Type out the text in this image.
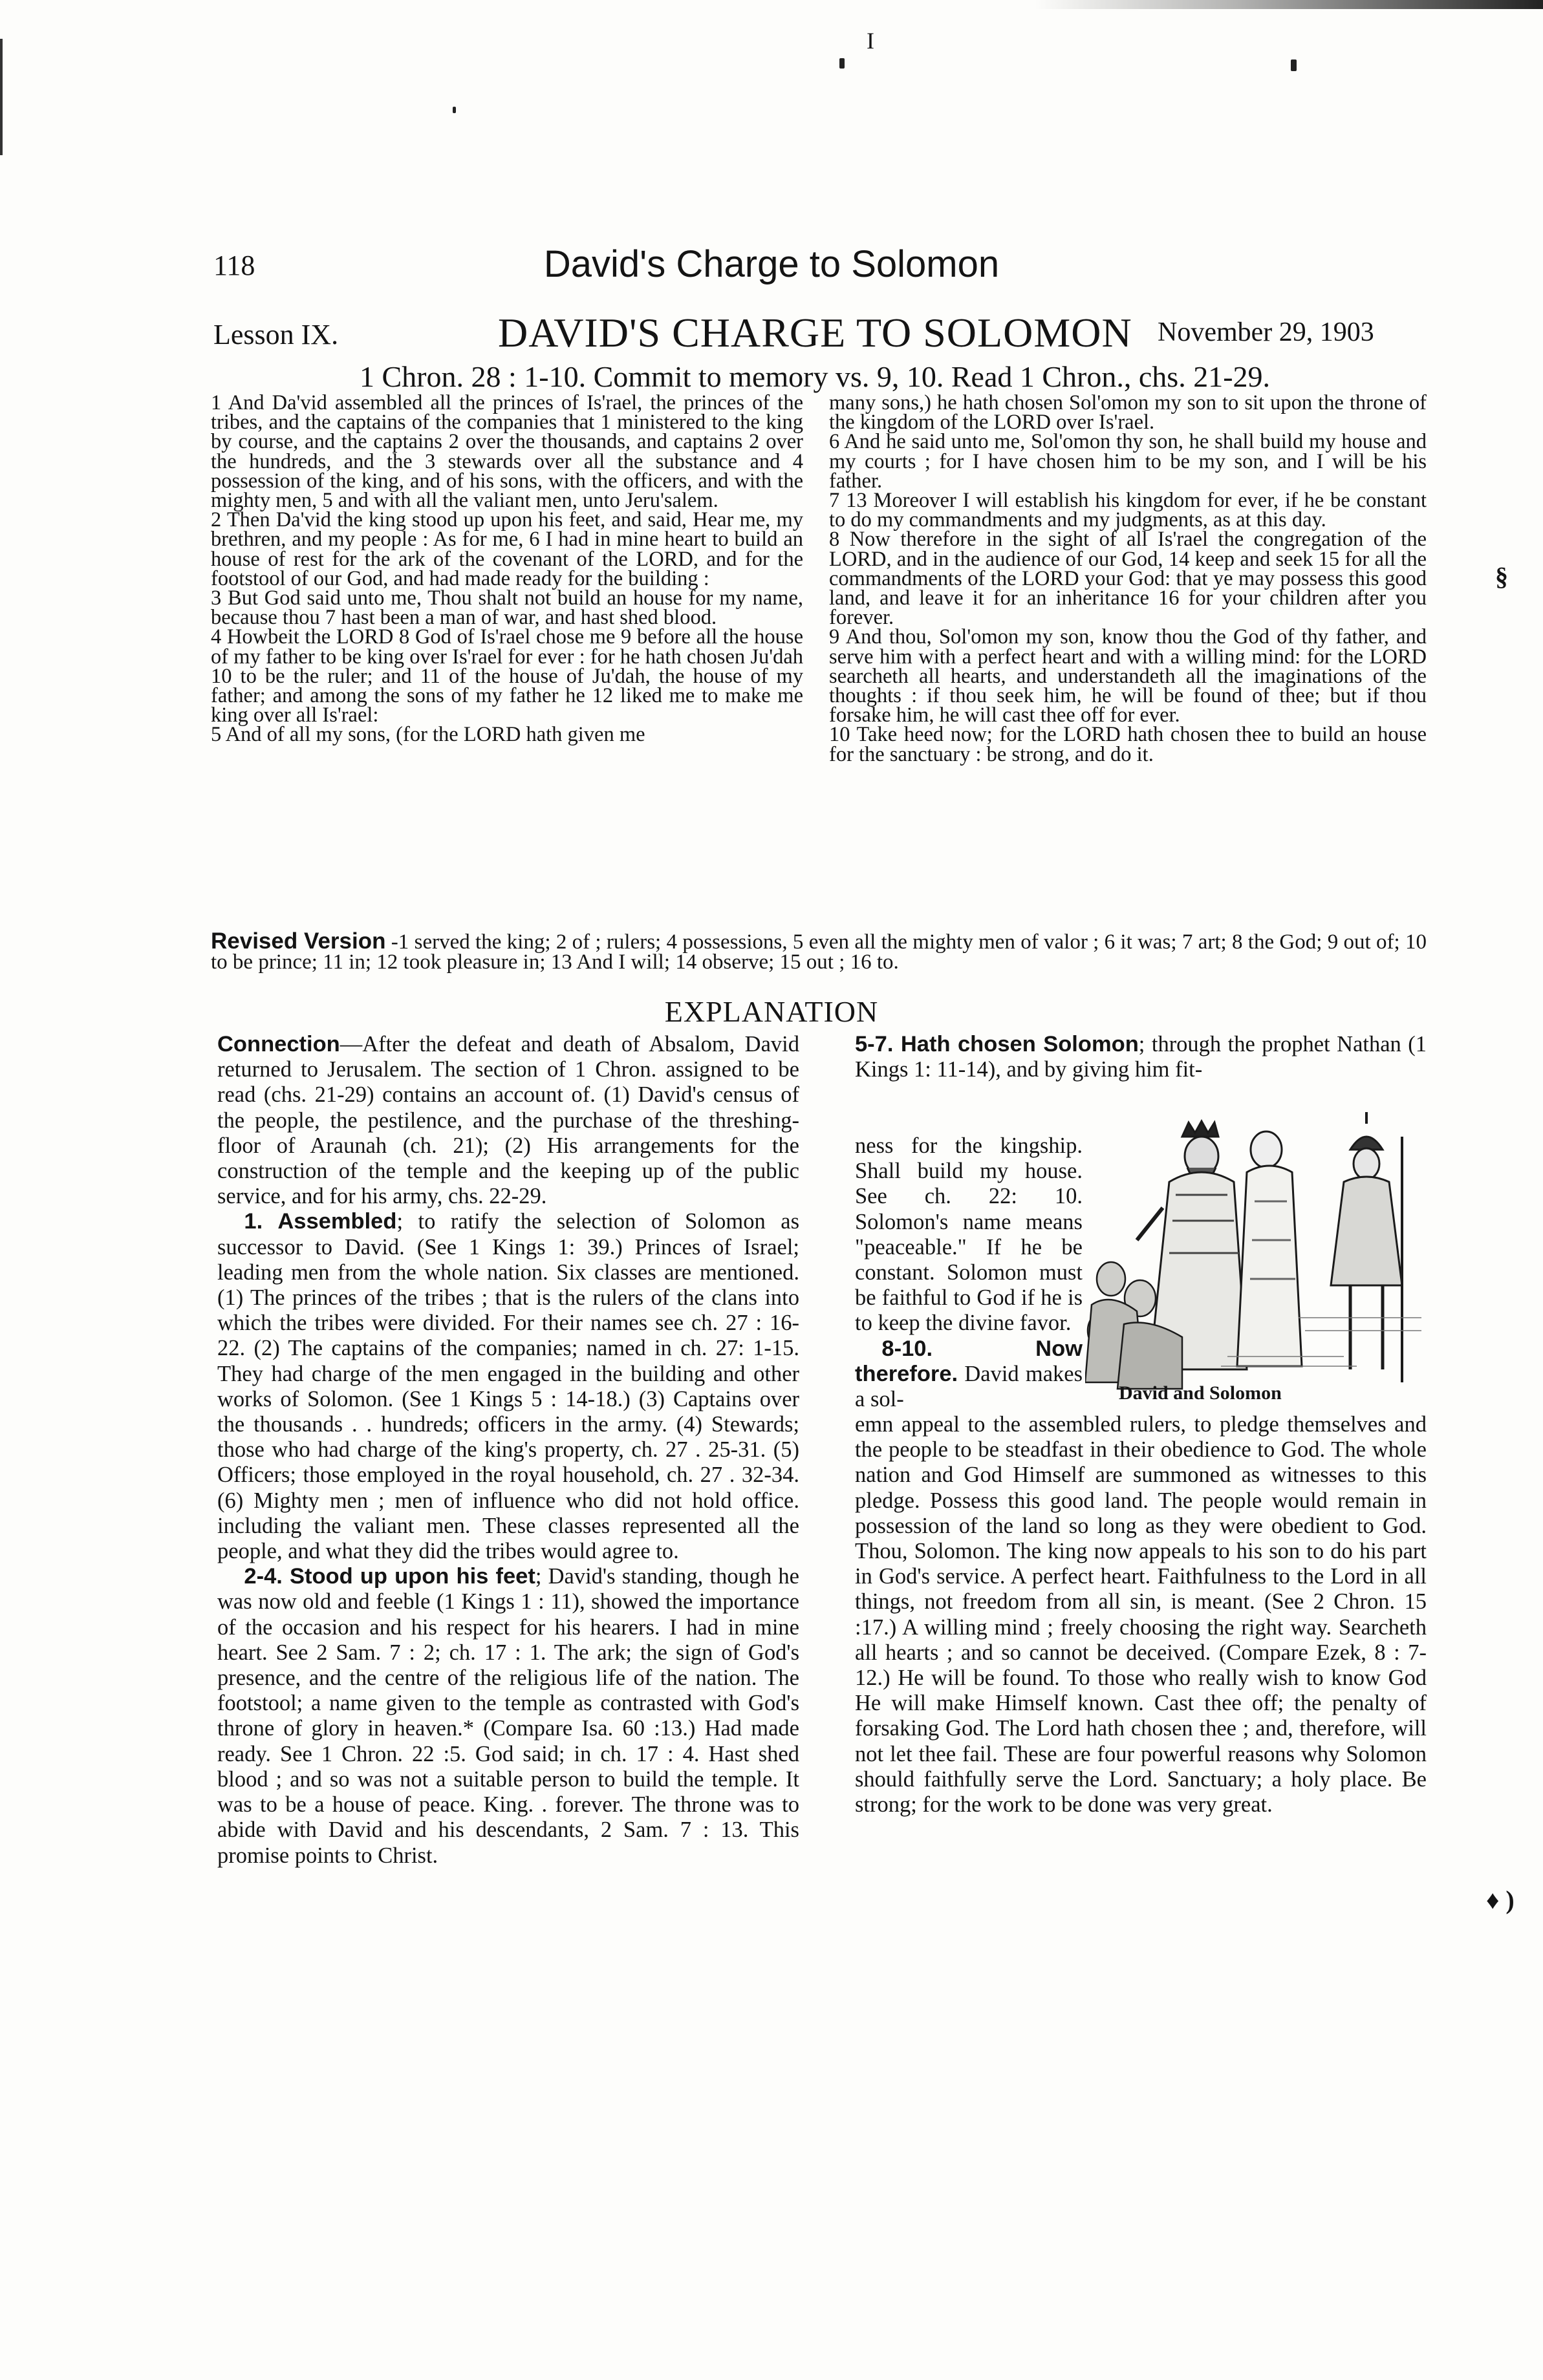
I
118	David's Charge to Solomon
Lesson IX.	DAVID'S CHARGE TO SOLOMON November 29, 1903
1 Chron. 28 : 1-10. Commit to memory vs. 9, 10. Read 1 Chron., chs. 21-29.

1 And Da'vid assembled all the princes of Is'rael, the princes of the tribes, and the captains of the companies that 1 ministered to the king by course, and the captains 2 over the thousands, and captains 2 over the hundreds, and the 3 stewards over all the substance and 4 possession of the king, and of his sons, with the officers, and with the mighty men, 5 and with all the valiant men, unto Jeru'salem.

2 Then Da'vid the king stood up upon his feet, and said, Hear me, my brethren, and my people : As for me, 6 I had in mine heart to build an house of rest for the ark of the covenant of the LORD, and for the footstool of our God, and had made ready for the building :

3 But God said unto me, Thou shalt not build an house for my name, because thou 7 hast been a man of war, and hast shed blood.

4 Howbeit the LORD 8 God of Is'rael chose me 9 before all the house of my father to be king over Is'rael for ever : for he hath chosen Ju'dah 10 to be the ruler; and 11 of the house of Ju'dah, the house of my father; and among the sons of my father he 12 liked me to make me king over all Is'rael:

5 And of all my sons, (for the LORD hath given me

many sons,) he hath chosen Sol'omon my son to sit upon the throne of the kingdom of the LORD over Is'rael.

6 And he said unto me, Sol'omon thy son, he shall build my house and my courts ; for I have chosen him to be my son, and I will be his father.

7 13 Moreover I will establish his kingdom for ever, if he be constant to do my commandments and my judgments, as at this day.

8 Now therefore in the sight of all Is'rael the congregation of the LORD, and in the audience of our God, 14 keep and seek 15 for all the commandments of the LORD your God: that ye may possess this good land, and leave it for an inheritance 16 for your children after you forever.

9 And thou, Sol'omon my son, know thou the God of thy father, and serve him with a perfect heart and with a willing mind: for the LORD searcheth all hearts, and understandeth all the imaginations of the thoughts : if thou seek him, he will be found of thee; but if thou forsake him, he will cast thee off for ever.

10 Take heed now; for the LORD hath chosen thee to build an house for the sanctuary : be strong, and do it.

§
Revised Version -1 served the king; 2 of ; rulers; 4 possessions, 5 even all the mighty men of valor ; 6 it was; 7 art; 8 the God; 9 out of; 10 to be prince; 11 in; 12 took pleasure in; 13 And I will; 14 observe; 15 out ; 16 to.
EXPLANATION

Connection—After the defeat and death of Absalom, David returned to Jerusalem. The section of 1 Chron. assigned to be read (chs. 21-29) contains an account of. (1) David's census of the people, the pestilence, and the purchase of the threshing-floor of Araunah (ch. 21); (2) His arrangements for the construction of the temple and the keeping up of the public service, and for his army, chs. 22-29.

1. Assembled; to ratify the selection of Solomon as successor to David. (See 1 Kings 1: 39.) Princes of Israel; leading men from the whole nation. Six classes are mentioned. (1) The princes of the tribes ; that is the rulers of the clans into which the tribes were divided. For their names see ch. 27 : 16-22. (2) The captains of the companies; named in ch. 27: 1-15. They had charge of the men engaged in the building and other works of Solomon. (See 1 Kings 5 : 14-18.) (3) Captains over the thousands . . hundreds; officers in the army. (4) Stewards; those who had charge of the king's property, ch. 27 . 25-31. (5) Officers; those employed in the royal household, ch. 27 . 32-34. (6) Mighty men ; men of influence who did not hold office. including the valiant men. These classes represented all the people, and what they did the tribes would agree to.

2-4. Stood up upon his feet; David's standing, though he was now old and feeble (1 Kings 1 : 11), showed the importance of the occasion and his respect for his hearers. I had in mine heart. See 2 Sam. 7 : 2; ch. 17 : 1. The ark; the sign of God's presence, and the centre of the religious life of the nation. The footstool; a name given to the temple as contrasted with God's throne of glory in heaven.* (Compare Isa. 60 :13.) Had made ready. See 1 Chron. 22 :5. God said; in ch. 17 : 4. Hast shed blood ; and so was not a suitable person to build the temple. It was to be a house of peace. King. . forever. The throne was to abide with David and his descendants, 2 Sam. 7 : 13. This promise points to Christ.

5-7. Hath chosen Solomon; through the prophet Nathan (1 Kings 1: 11-14), and by giving him fit-

ness for the kingship. Shall build my house. See ch. 22: 10. Solomon's name means "peaceable." If he be constant. Solomon must be faithful to God if he is to keep the divine favor.

8-10. Now therefore. David makes a sol-	David and Solomon

emn appeal to the assembled rulers, to pledge themselves and the people to be steadfast in their obedience to God. The whole nation and God Himself are summoned as witnesses to this pledge. Possess this good land. The people would remain in possession of the land so long as they were obedient to God. Thou, Solomon. The king now appeals to his son to do his part in God's service. A perfect heart. Faithfulness to the Lord in all things, not freedom from all sin, is meant. (See 2 Chron. 15 :17.) A willing mind ; freely choosing the right way. Searcheth all hearts ; and so cannot be deceived. (Compare Ezek, 8 : 7-12.) He will be found. To those who really wish to know God He will make Himself known. Cast thee off; the penalty of forsaking God. The Lord hath chosen thee ; and, therefore, will not let thee fail. These are four powerful reasons why Solomon should faithfully serve the Lord. Sanctuary; a holy place. Be strong; for the work to be done was very great.

♦ )
